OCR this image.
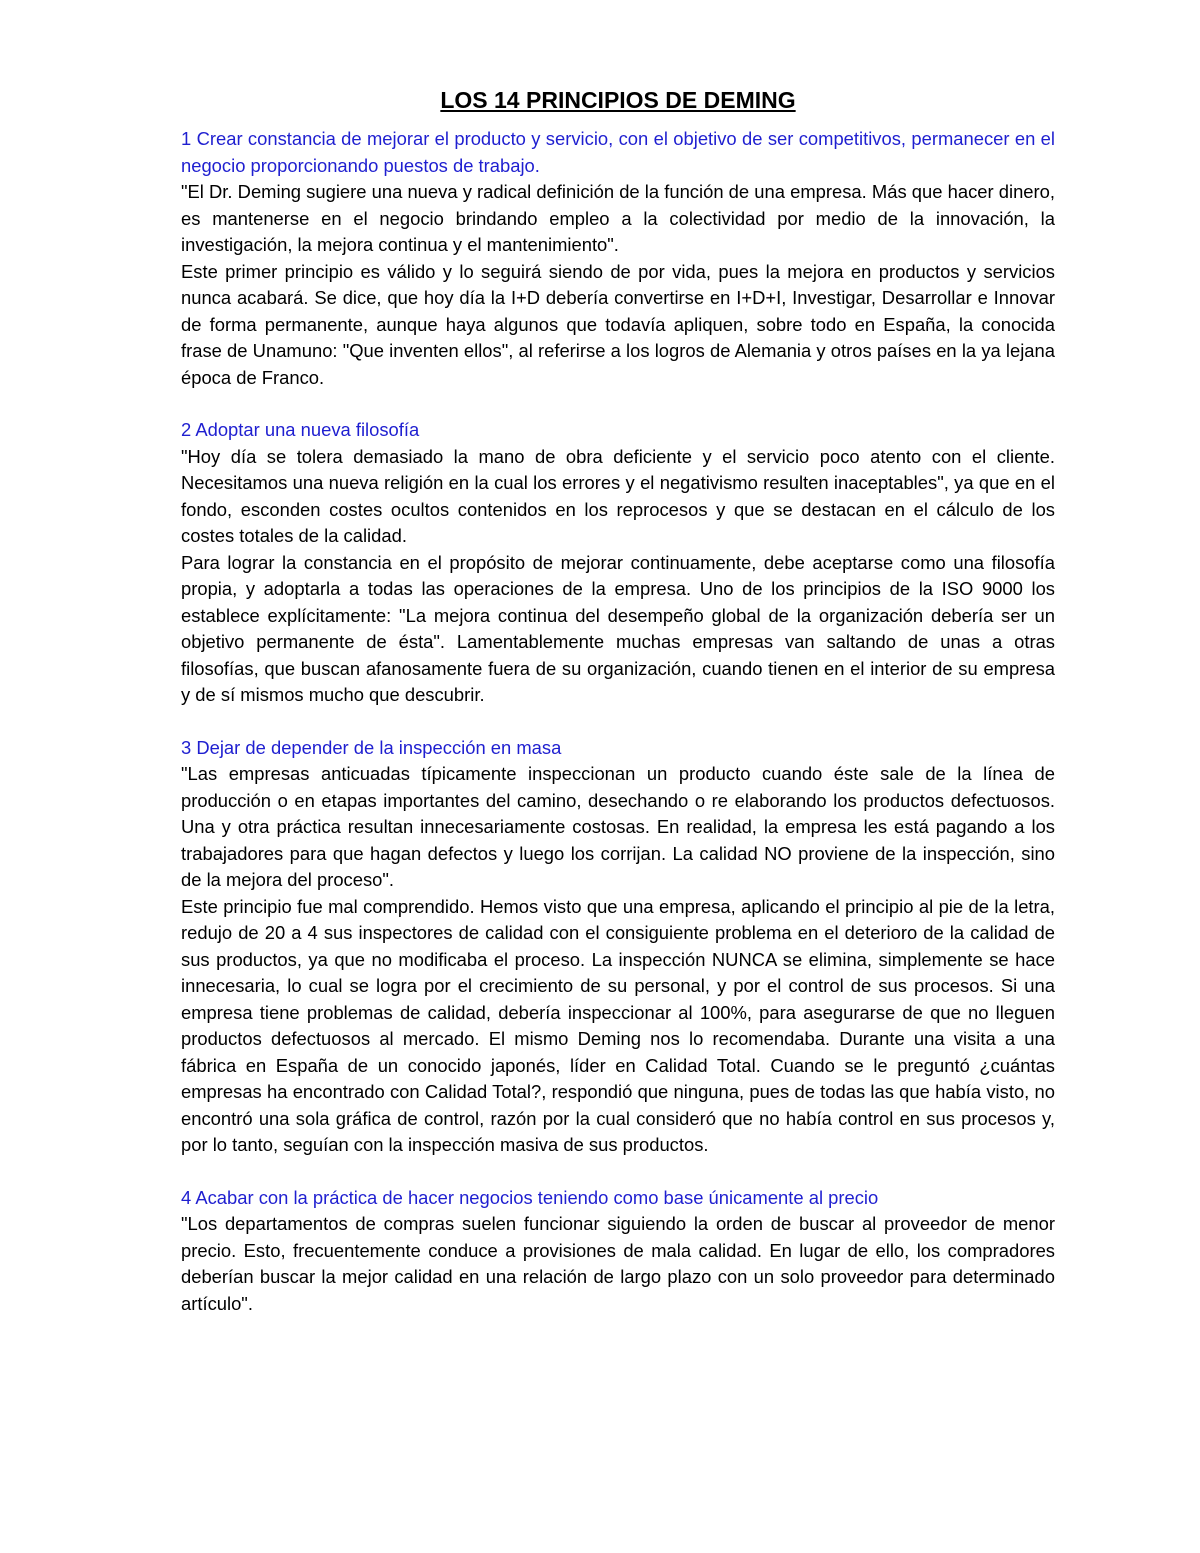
LOS 14 PRINCIPIOS DE DEMING

1 Crear constancia de mejorar el producto y servicio, con el objetivo de ser competitivos, permanecer en el negocio proporcionando puestos de trabajo.

"El Dr. Deming sugiere una nueva y radical definición de la función de una empresa. Más que hacer dinero, es mantenerse en el negocio brindando empleo a la colectividad por medio de la innovación, la investigación, la mejora continua y el mantenimiento".

Este primer principio es válido y lo seguirá siendo de por vida, pues la mejora en productos y servicios nunca acabará. Se dice, que hoy día la I+D debería convertirse en I+D+I, Investigar, Desarrollar e Innovar de forma permanente, aunque haya algunos que todavía apliquen, sobre todo en España, la conocida frase de Unamuno: "Que inventen ellos", al referirse a los logros de Alemania y otros países en la ya lejana época de Franco.

2 Adoptar una nueva filosofía

"Hoy día se tolera demasiado la mano de obra deficiente y el servicio poco atento con el cliente. Necesitamos una nueva religión en la cual los errores y el negativismo resulten inaceptables", ya que en el fondo, esconden costes ocultos contenidos en los reprocesos y que se destacan en el cálculo de los costes totales de la calidad.

Para lograr la constancia en el propósito de mejorar continuamente, debe aceptarse como una filosofía propia, y adoptarla a todas las operaciones de la empresa. Uno de los principios de la ISO 9000 los establece explícitamente: "La mejora continua del desempeño global de la organización debería ser un objetivo permanente de ésta". Lamentablemente muchas empresas van saltando de unas a otras filosofías, que buscan afanosamente fuera de su organización, cuando tienen en el interior de su empresa y de sí mismos mucho que descubrir.

3 Dejar de depender de la inspección en masa

"Las empresas anticuadas típicamente inspeccionan un producto cuando éste sale de la línea de producción o en etapas importantes del camino, desechando o re elaborando los productos defectuosos. Una y otra práctica resultan innecesariamente costosas. En realidad, la empresa les está pagando a los trabajadores para que hagan defectos y luego los corrijan. La calidad NO proviene de la inspección, sino de la mejora del proceso".

Este principio fue mal comprendido. Hemos visto que una empresa, aplicando el principio al pie de la letra, redujo de 20 a 4 sus inspectores de calidad con el consiguiente problema en el deterioro de la calidad de sus productos, ya que no modificaba el proceso. La inspección NUNCA se elimina, simplemente se hace innecesaria, lo cual se logra por el crecimiento de su personal, y por el control de sus procesos. Si una empresa tiene problemas de calidad, debería inspeccionar al 100%, para asegurarse de que no lleguen productos defectuosos al mercado. El mismo Deming nos lo recomendaba. Durante una visita a una fábrica en España de un conocido japonés, líder en Calidad Total. Cuando se le preguntó ¿cuántas empresas ha encontrado con Calidad Total?, respondió que ninguna, pues de todas las que había visto, no encontró una sola gráfica de control, razón por la cual consideró que no había control en sus procesos y, por lo tanto, seguían con la inspección masiva de sus productos.

4 Acabar con la práctica de hacer negocios teniendo como base únicamente al precio

"Los departamentos de compras suelen funcionar siguiendo la orden de buscar al proveedor de menor precio. Esto, frecuentemente conduce a provisiones de mala calidad. En lugar de ello, los compradores deberían buscar la mejor calidad en una relación de largo plazo con un solo proveedor para determinado artículo".
